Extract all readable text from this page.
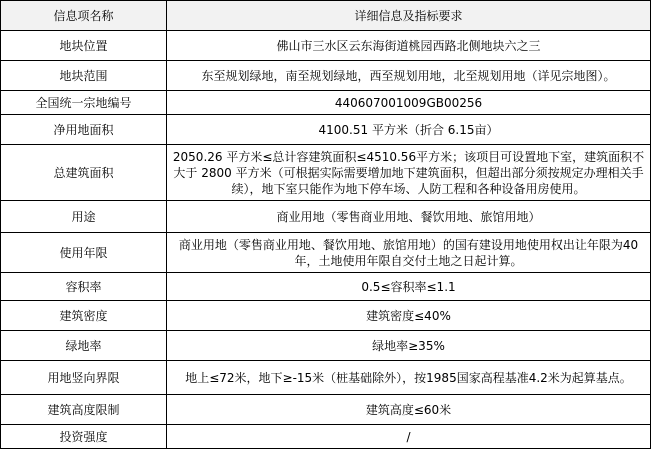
信息项名称	详细信息及指标要求
地块位置	佛山市三水区云东海街道桃园西路北侧地块六之三
地块范围	东至规划绿地，南至规划绿地，西至规划用地，北至规划用地（详见宗地图）。
全国统一宗地编号	440607001009GB00256
净用地面积	4100.51 平方米（折合 6.15亩）
总建筑面积	2050.26 平方米≤总计容建筑面积≤4510.56平方米；该项目可设置地下室，建筑面积不大于 2800 平方米（可根据实际需要增加地下建筑面积，但超出部分须按规定办理相关手续），地下室只能作为地下停车场、人防工程和各种设备用房使用。
用途	商业用地（零售商业用地、餐饮用地、旅馆用地）
使用年限	商业用地（零售商业用地、餐饮用地、旅馆用地）的国有建设用地使用权出让年限为40年，土地使用年限自交付土地之日起计算。
容积率	0.5≤容积率≤1.1
建筑密度	建筑密度≤40%
绿地率	绿地率≥35%
用地竖向界限	地上≤72米，地下≥-15米（桩基础除外），按1985国家高程基准4.2米为起算基点。
建筑高度限制	建筑高度≤60米
投资强度	/
